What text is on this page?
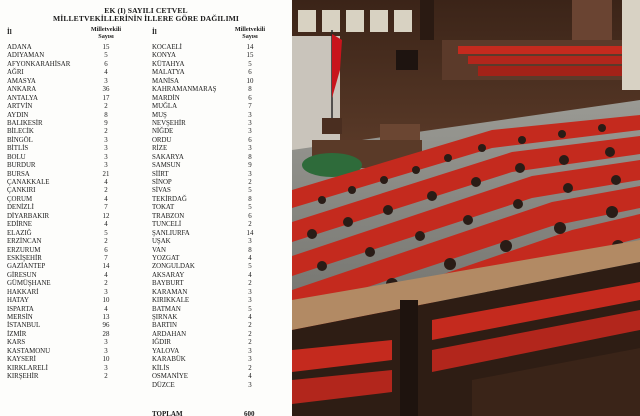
EK (I) SAYILI CETVEL
MİLLETVEKİLLERİNİN İLLERE GÖRE DAĞILIMI
İl	Milletvekili
Sayısı
İl	Milletvekili
Sayısı
ADANA	15
ADIYAMAN	5
AFYONKARAHİSAR	6
AĞRI	4
AMASYA	3
ANKARA	36
ANTALYA	17
ARTVİN	2
AYDIN	8
BALIKESİR	9
BİLECİK	2
BİNGÖL	3
BİTLİS	3
BOLU	3
BURDUR	3
BURSA	21
ÇANAKKALE	4
ÇANKIRI	2
ÇORUM	4
DENİZLİ	7
DİYARBAKIR	12
EDİRNE	4
ELAZIĞ	5
ERZİNCAN	2
ERZURUM	6
ESKİŞEHİR	7
GAZİANTEP	14
GİRESUN	4
GÜMÜŞHANE	2
HAKKARİ	3
HATAY	10
ISPARTA	4
MERSİN	13
İSTANBUL	96
İZMİR	28
KARS	3
KASTAMONU	3
KAYSERİ	10
KIRKLARELİ	3
KIRŞEHİR	2
KOCAELİ	14
KONYA	15
KÜTAHYA	5
MALATYA	6
MANİSA	10
KAHRAMANMARAŞ	8
MARDİN	6
MUĞLA	7
MUŞ	3
NEVŞEHİR	3
NİĞDE	3
ORDU	6
RİZE	3
SAKARYA	8
SAMSUN	9
SİİRT	3
SİNOP	2
SİVAS	5
TEKİRDAĞ	8
TOKAT	5
TRABZON	6
TUNCELİ	2
ŞANLIURFA	14
UŞAK	3
VAN	8
YOZGAT	4
ZONGULDAK	5
AKSARAY	4
BAYBURT	2
KARAMAN	3
KIRIKKALE	3
BATMAN	5
ŞIRNAK	4
BARTIN	2
ARDAHAN	2
IĞDIR	2
YALOVA	3
KARABÜK	3
KİLİS	2
OSMANİYE	4
DÜZCE	3
TOPLAM	600
